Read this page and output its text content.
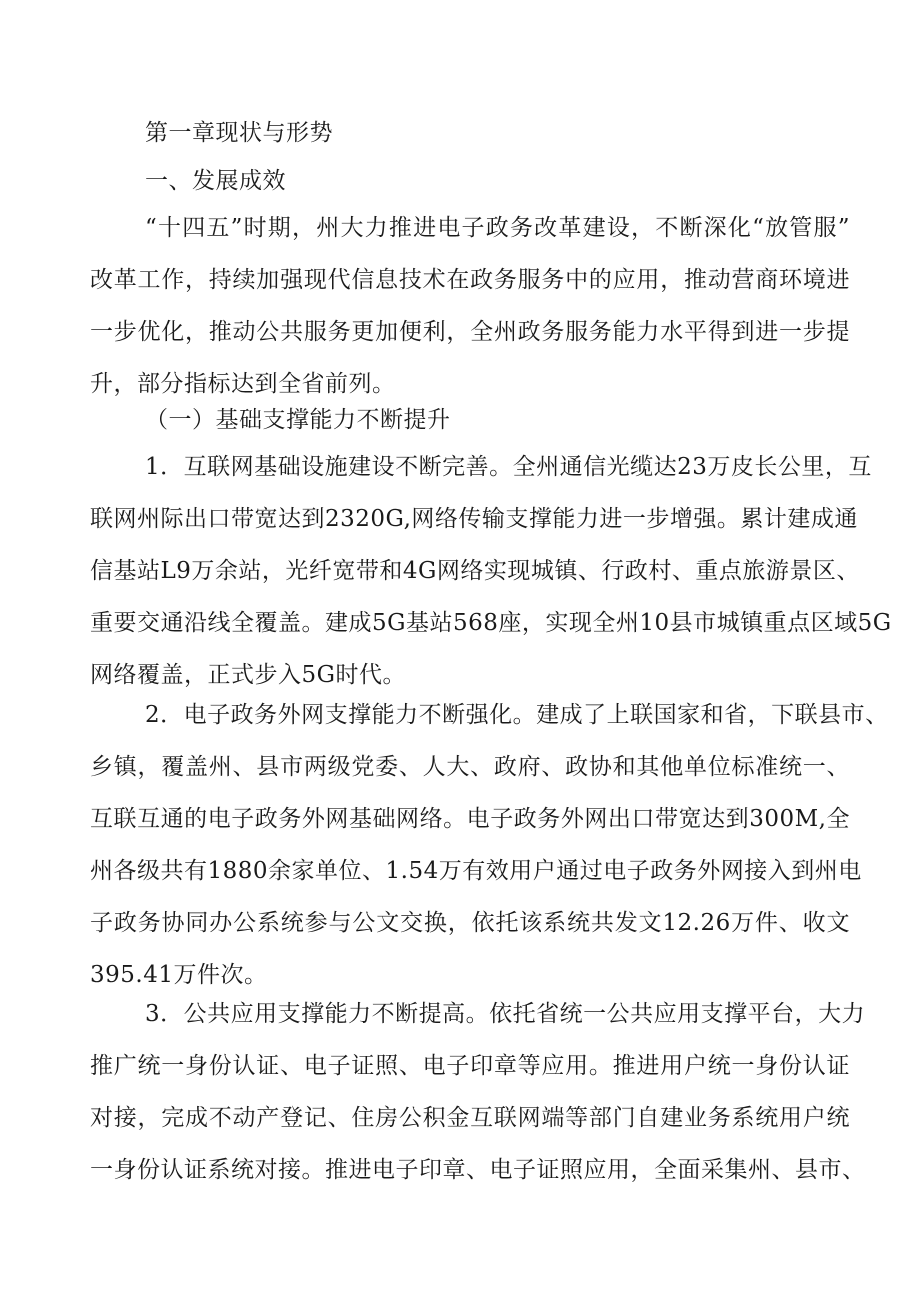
第一章现状与形势
一、发展成效
“十四五”时期，州大力推进电子政务改革建设，不断深化“放管服”
改革工作，持续加强现代信息技术在政务服务中的应用，推动营商环境进
一步优化，推动公共服务更加便利，全州政务服务能力水平得到进一步提
升，部分指标达到全省前列。
（一）基础支撑能力不断提升
1．互联网基础设施建设不断完善。全州通信光缆达23万皮长公里，互
联网州际出口带宽达到2320G,网络传输支撑能力进一步增强。累计建成通
信基站L9万余站，光纤宽带和4G网络实现城镇、行政村、重点旅游景区、
重要交通沿线全覆盖。建成5G基站568座，实现全州10县市城镇重点区域5G
网络覆盖，正式步入5G时代。
2．电子政务外网支撑能力不断强化。建成了上联国家和省，下联县市、
乡镇，覆盖州、县市两级党委、人大、政府、政协和其他单位标准统一、
互联互通的电子政务外网基础网络。电子政务外网出口带宽达到300M,全
州各级共有1880余家单位、1.54万有效用户通过电子政务外网接入到州电
子政务协同办公系统参与公文交换，依托该系统共发文12.26万件、收文
395.41万件次。
3．公共应用支撑能力不断提高。依托省统一公共应用支撑平台，大力
推广统一身份认证、电子证照、电子印章等应用。推进用户统一身份认证
对接，完成不动产登记、住房公积金互联网端等部门自建业务系统用户统
一身份认证系统对接。推进电子印章、电子证照应用，全面采集州、县市、
